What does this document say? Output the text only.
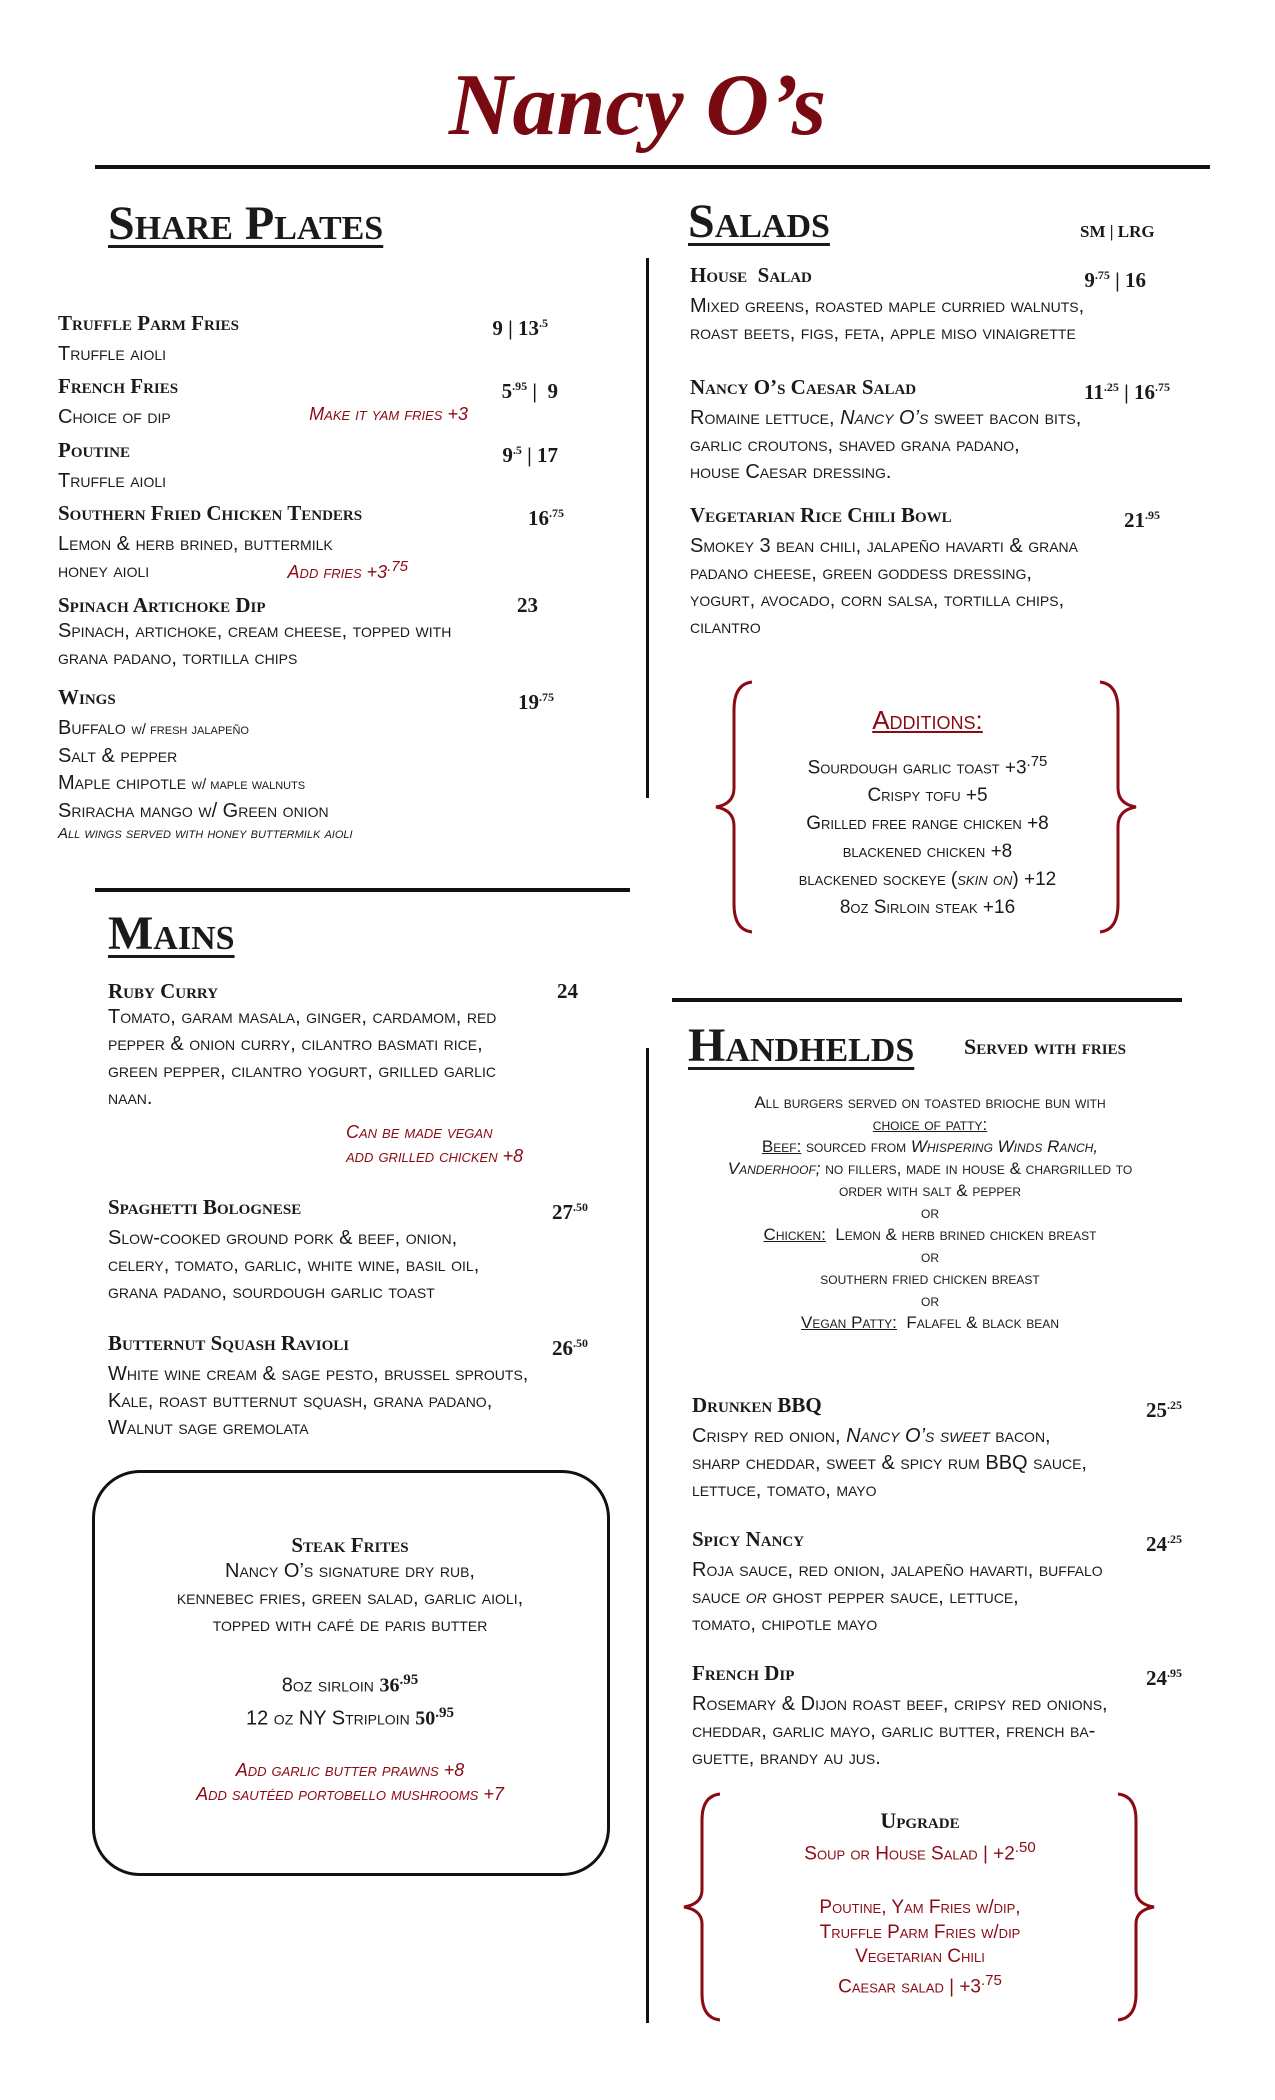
Nancy O’s
Share Plates
Truffle Parm Fries	9 | $13^{.5}$
Truffle aioli
French Fries	$5^{.95}$ |  9
Choice of dip	Make it yam fries +3
Poutine	$9^{.5}$ | 17
Truffle aioli
Southern Fried Chicken Tenders	$16^{.75}$
Lemon & herb brined, buttermilk
honey aioli	Add fries $+3^{.75}$
Spinach Artichoke Dip	23
Spinach, artichoke, cream cheese, topped with
grana padano, tortilla chips
Wings	$19^{.75}$
Buffalo w/ fresh jalapeño
Salt & pepper
Maple chipotle w/ maple walnuts
Sriracha mango w/ Green onion
All wings served with honey buttermilk aioli
Salads	SM | LRG
House  Salad	$9^{.75}$ | 16
Mixed greens, roasted maple curried walnuts,
roast beets, figs, feta, apple miso vinaigrette
Nancy O’s Caesar Salad	$11^{.25}$ | $16^{.75}$
Romaine lettuce, Nancy O’s sweet bacon bits,
garlic croutons, shaved grana padano,
house Caesar dressing.
Vegetarian Rice Chili Bowl	$21^{.95}$
Smokey 3 bean chili, jalapeño havarti & grana
padano cheese, green goddess dressing,
yogurt, avocado, corn salsa, tortilla chips,
cilantro
Additions:
Sourdough garlic toast $+3^{.75}$
Crispy tofu +5
Grilled free range chicken +8
blackened chicken +8
blackened sockeye (skin on) +12
8oz Sirloin steak +16
Mains
Ruby Curry	24
Tomato, garam masala, ginger, cardamom, red
pepper & onion curry, cilantro basmati rice,
green pepper, cilantro yogurt, grilled garlic
naan.
Can be made vegan
add grilled chicken +8
Spaghetti Bolognese	$27^{.50}$
Slow-cooked ground pork & beef, onion,
celery, tomato, garlic, white wine, basil oil,
grana padano, sourdough garlic toast
Butternut Squash Ravioli	$26^{.50}$
White wine cream & sage pesto, brussel sprouts,
Kale, roast butternut squash, grana padano,
Walnut sage gremolata
Steak Frites
Nancy O’s signature dry rub,
kennebec fries, green salad, garlic aioli,
topped with café de paris butter
8oz sirloin $36^{.95}$
12 oz NY Striploin $50^{.95}$
Add garlic butter prawns +8
Add sautéed portobello mushrooms +7
Handhelds Served with fries
All burgers served on toasted brioche bun with
choice of patty:
Beef: sourced from Whispering Winds Ranch,
Vanderhoof; no fillers, made in house & chargrilled to
order with salt & pepper
or
Chicken:  Lemon & herb brined chicken breast
or
southern fried chicken breast
or
Vegan Patty:  Falafel & black bean
Drunken BBQ	$25^{.25}$
Crispy red onion, Nancy O’s sweet bacon,
sharp cheddar, sweet & spicy rum BBQ sauce,
lettuce, tomato, mayo
Spicy Nancy	$24^{.25}$
Roja sauce, red onion, jalapeño havarti, buffalo
sauce or ghost pepper sauce, lettuce,
tomato, chipotle mayo
French Dip	$24^{.95}$
Rosemary & Dijon roast beef, cripsy red onions,
cheddar, garlic mayo, garlic butter, french ba-
guette, brandy au jus.
Upgrade
Soup or House Salad | $+2^{.50}$
Poutine, Yam Fries w/dip,
Truffle Parm Fries w/dip
Vegetarian Chili
Caesar salad | $+3^{.75}$
